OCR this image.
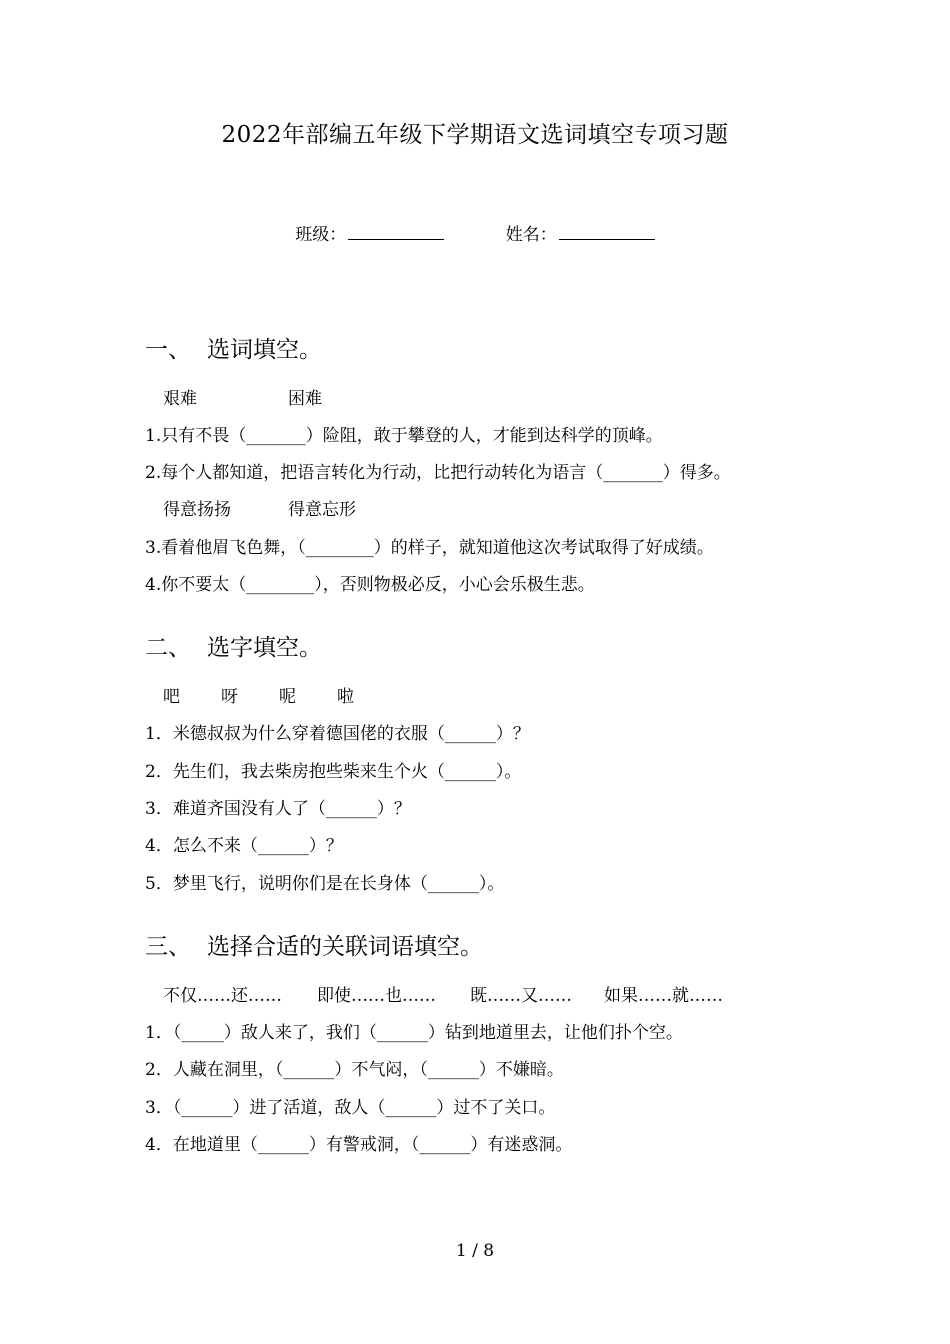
2022年部编五年级下学期语文选词填空专项习题
班级：	姓名：
一、 选词填空。
艰难	困难
1.只有不畏（_______）险阻，敢于攀登的人，才能到达科学的顶峰。
2.每个人都知道，把语言转化为行动，比把行动转化为语言（_______）得多。
得意扬扬	得意忘形
3.看着他眉飞色舞，（________）的样子，就知道他这次考试取得了好成绩。
4.你不要太（________），否则物极必反，小心会乐极生悲。
二、 选字填空。
吧 呀 呢 啦
1．米德叔叔为什么穿着德国佬的衣服（______）？
2．先生们，我去柴房抱些柴来生个火（______）。
3．难道齐国没有人了（______）？
4．怎么不来（______）？
5．梦里飞行，说明你们是在长身体（______）。
三、 选择合适的关联词语填空。
不仅……还…… 即使……也…… 既……又…… 如果……就……
1．（_____）敌人来了，我们（______）钻到地道里去，让他们扑个空。
2．人藏在洞里，（______）不气闷，（______）不嫌暗。
3．（______）进了活道，敌人（______）过不了关口。
4．在地道里（______）有警戒洞，（______）有迷惑洞。
1 / 8
